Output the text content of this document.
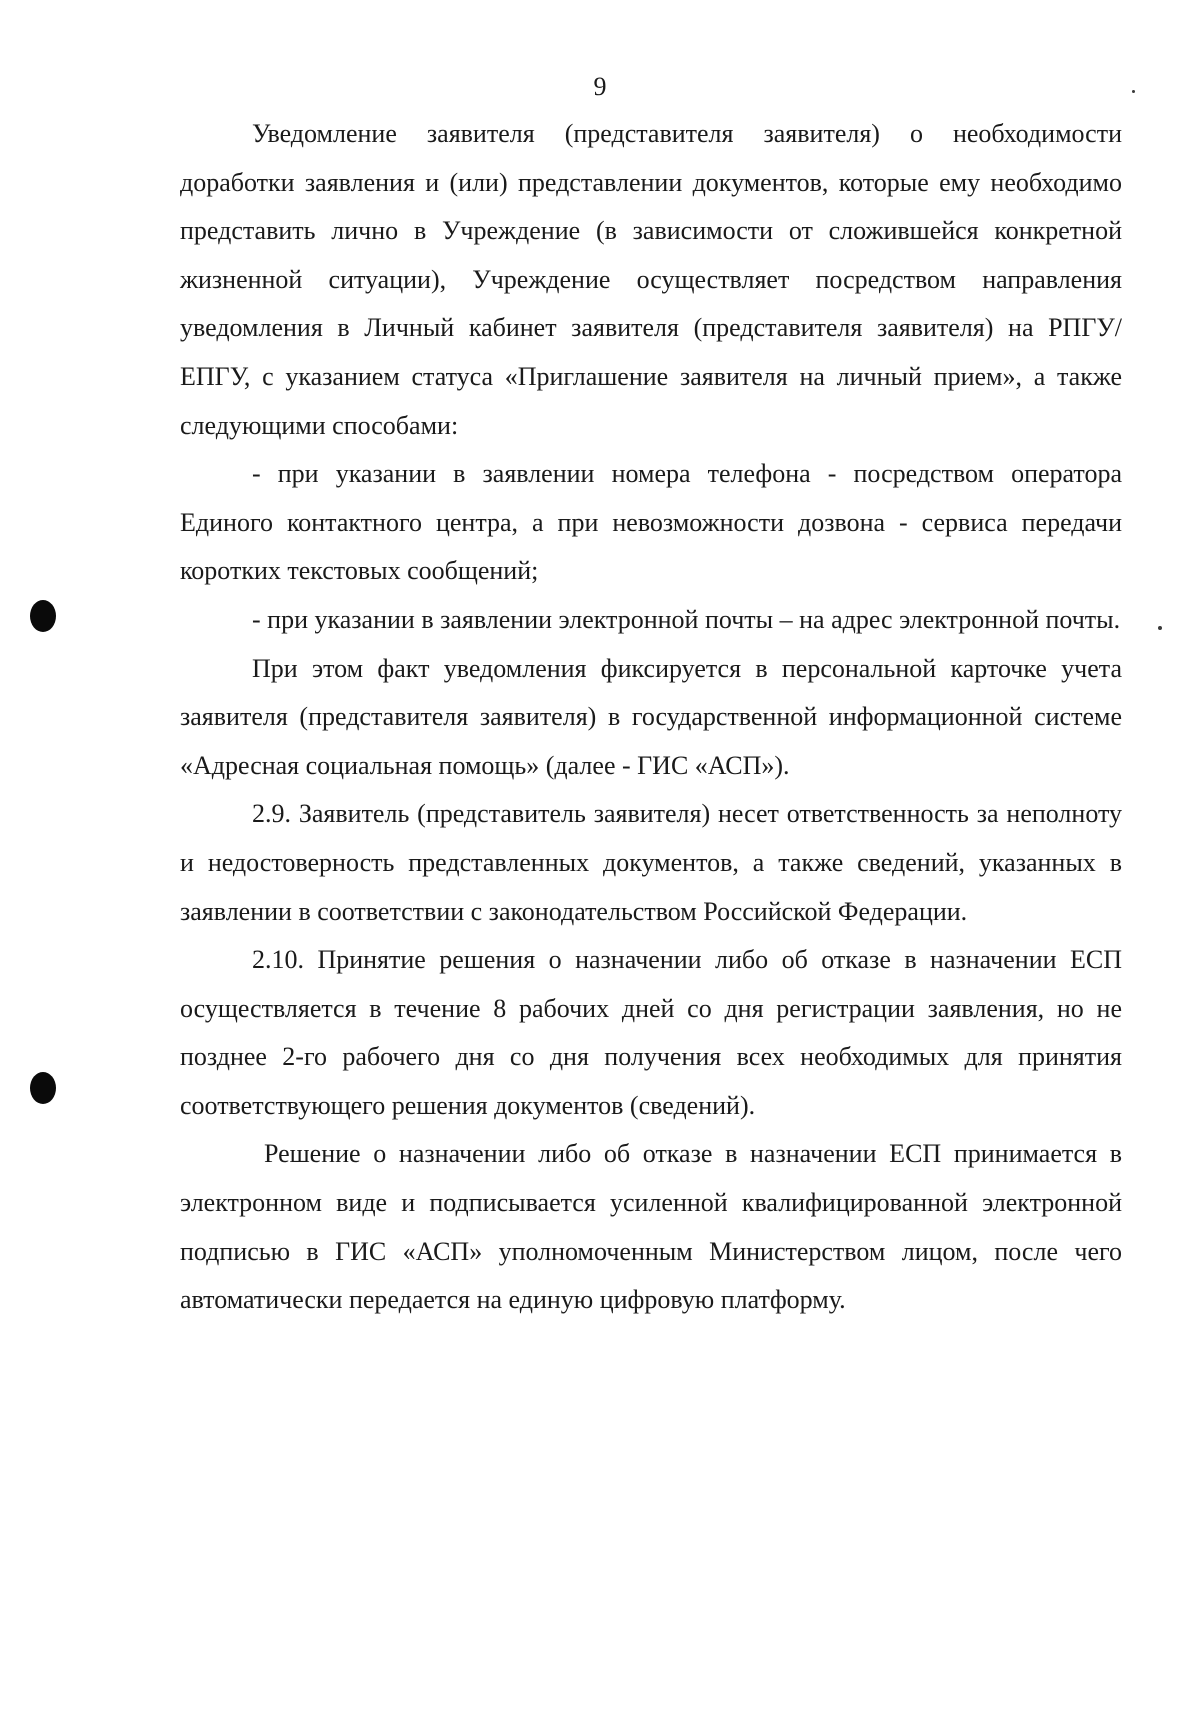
9

Уведомление заявителя (представителя заявителя) о необходимости доработки заявления и (или) представлении документов, которые ему необходимо представить лично в Учреждение (в зависимости от сложившейся конкретной жизненной ситуации), Учреждение осуществляет посредством направления уведомления в Личный кабинет заявителя (представителя заявителя) на РПГУ/ЕПГУ, с указанием статуса «Приглашение заявителя на личный прием», а также следующими способами:

- при указании в заявлении номера телефона - посредством оператора Единого контактного центра, а при невозможности дозвона - сервиса передачи коротких текстовых сообщений;

- при указании в заявлении электронной почты – на адрес электронной почты.

При этом факт уведомления фиксируется в персональной карточке учета заявителя (представителя заявителя) в государственной информационной системе «Адресная социальная помощь» (далее - ГИС «АСП»).

2.9. Заявитель (представитель заявителя) несет ответственность за неполноту и недостоверность представленных документов, а также сведений, указанных в заявлении в соответствии с законодательством Российской Федерации.

2.10. Принятие решения о назначении либо об отказе в назначении ЕСП осуществляется в течение 8 рабочих дней со дня регистрации заявления, но не позднее 2-го рабочего дня со дня получения всех необходимых для принятия соответствующего решения документов (сведений).

Решение о назначении либо об отказе в назначении ЕСП принимается в электронном виде и подписывается усиленной квалифицированной электронной подписью в ГИС «АСП» уполномоченным Министерством лицом, после чего автоматически передается на единую цифровую платформу.
